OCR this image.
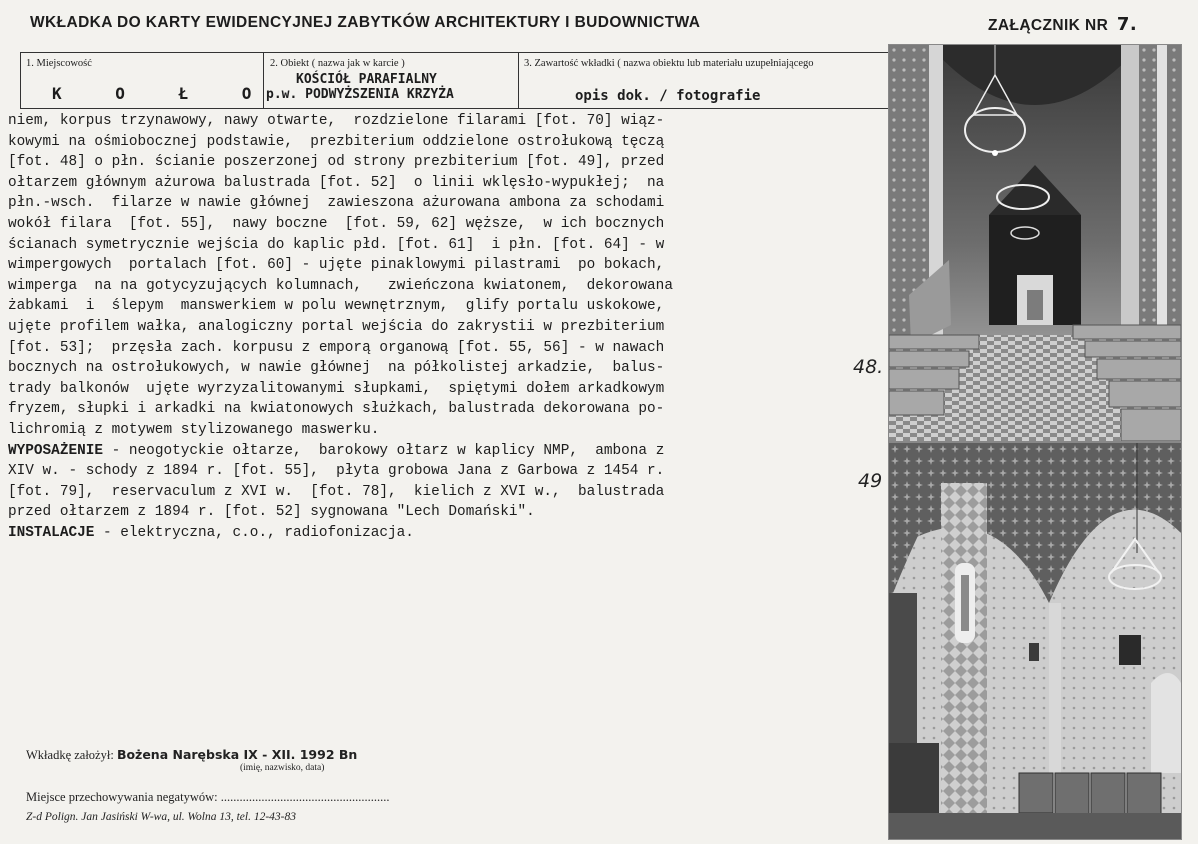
WKŁADKA DO KARTY EWIDENCYJNEJ ZABYTKÓW ARCHITEKTURY I BUDOWNICTWA	ZAŁĄCZNIK NR 7.
1. Miejscowość
K O Ł O
2. Obiekt ( nazwa jak w karcie )
KOŚCIÓŁ PARAFIALNY
p.w. PODWYŻSZENIA KRZYŻA
3. Zawartość wkładki ( nazwa obiektu lub materiału uzupełniającego
opis dok. / fotografie

niem, korpus trzynawowy, nawy otwarte,  rozdzielone filarami [fot. 70] wiąz-

kowymi na ośmiobocznej podstawie,  prezbiterium oddzielone ostrołukową tęczą

[fot. 48] o płn. ścianie poszerzonej od strony prezbiterium [fot. 49], przed

ołtarzem głównym ażurowa balustrada [fot. 52]  o linii wklęsło-wypukłej;  na

płn.-wsch.  filarze w nawie głównej  zawieszona ażurowana ambona za schodami

wokół filara  [fot. 55],  nawy boczne  [fot. 59, 62] węższe,  w ich bocznych

ścianach symetrycznie wejścia do kaplic płd. [fot. 61]  i płn. [fot. 64] - w

wimpergowych  portalach [fot. 60] - ujęte pinaklowymi pilastrami  po bokach,

wimperga  na na gotycyzujących kolumnach,   zwieńczona kwiatonem,  dekorowana

żabkami  i  ślepym  manswerkiem w polu wewnętrznym,  glify portalu uskokowe,

ujęte profilem wałka, analogiczny portal wejścia do zakrystii w prezbiterium

[fot. 53];  przęsła zach. korpusu z emporą organową [fot. 55, 56] - w nawach

bocznych na ostrołukowych, w nawie głównej  na półkolistej arkadzie,  balus-

trady balkonów  ujęte wyrzyzalitowanymi słupkami,  spiętymi dołem arkadkowym

fryzem, słupki i arkadki na kwiatonowych służkach, balustrada dekorowana po-

lichromią z motywem stylizowanego maswerku.

WYPOSAŻENIE - neogotyckie ołtarze,  barokowy ołtarz w kaplicy NMP,  ambona z

XIV w. - schody z 1894 r. [fot. 55],  płyta grobowa Jana z Garbowa z 1454 r.

[fot. 79],  reservaculum z XVI w.  [fot. 78],  kielich z XVI w.,  balustrada

przed ołtarzem z 1894 r. [fot. 52] sygnowana "Lech Domański".

INSTALACJE - elektryczna, c.o., radiofonizacja.

48.
49
Wkładkę założył: Bożena Narębska IX - XII. 1992 Bn
(imię, nazwisko, data)
Miejsce przechowywania negatywów: ......................................................
Z-d Polign. Jan Jasiński W-wa, ul. Wolna 13, tel. 12-43-83
